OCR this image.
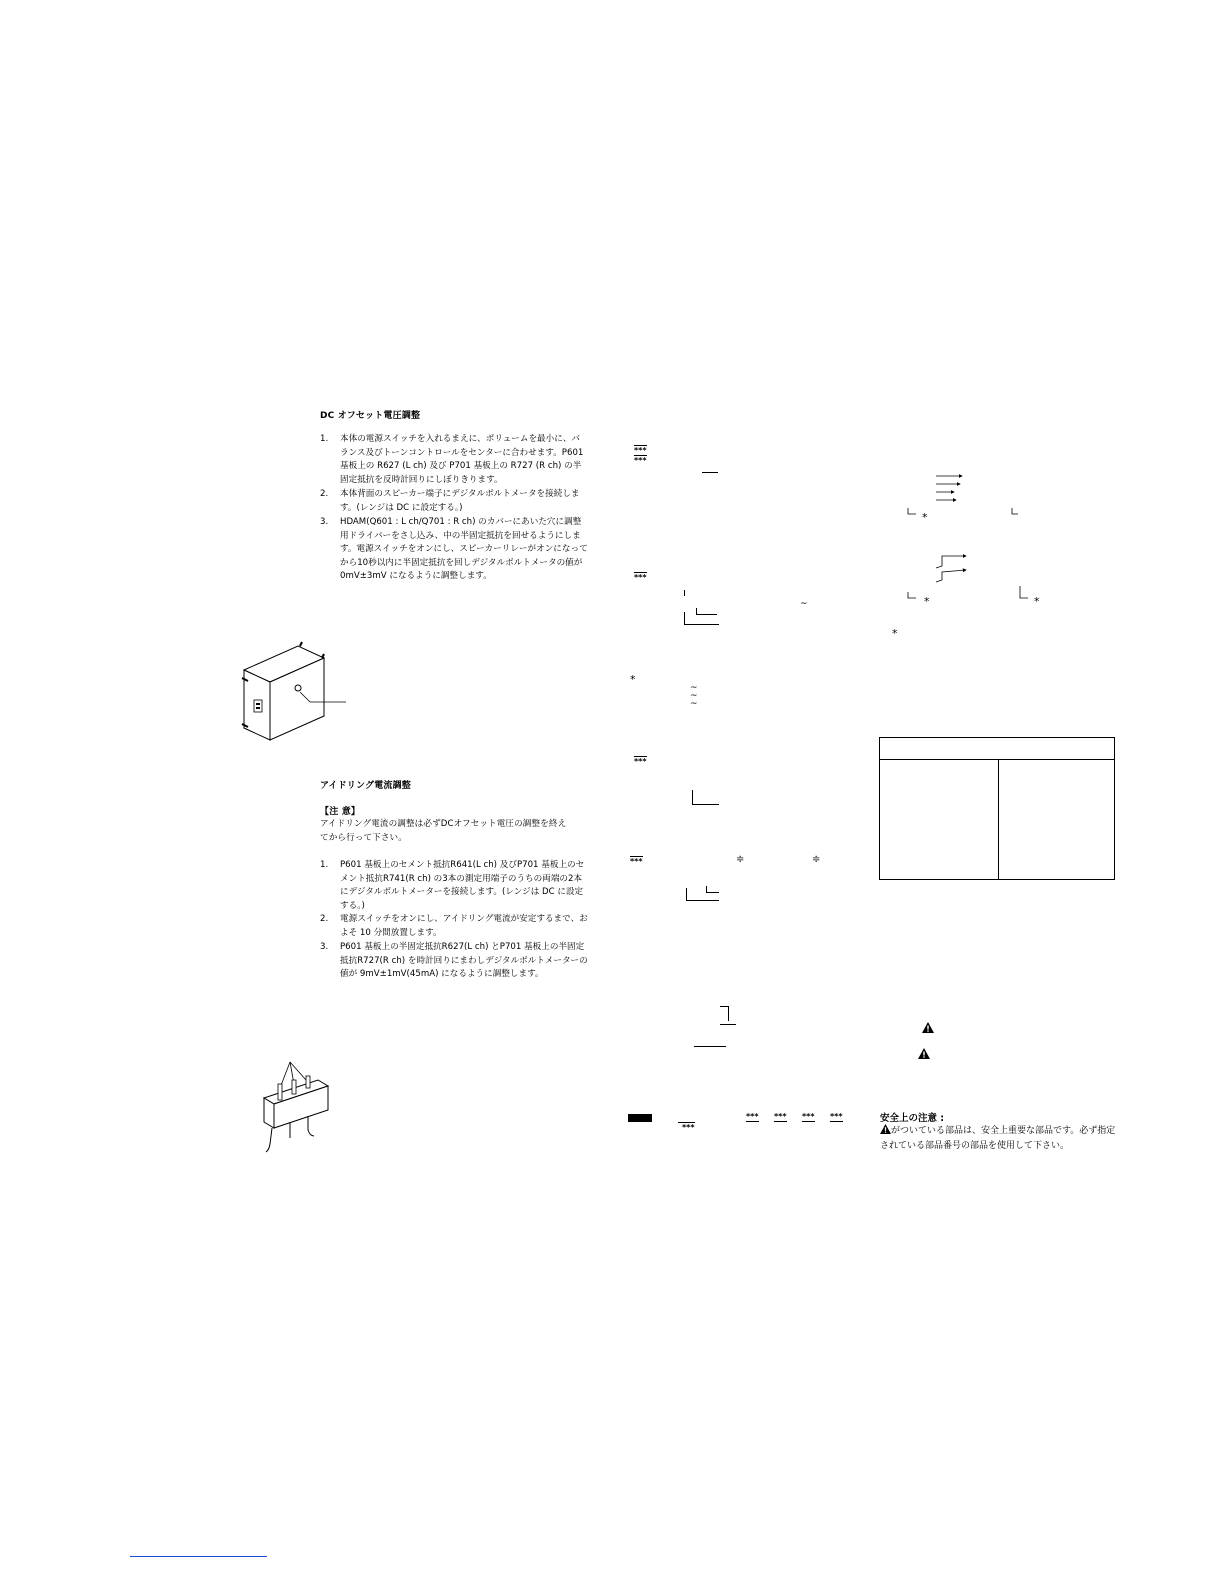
DC オフセット電圧調整
1.	本体の電源スイッチを入れるまえに、ボリュームを最小に、バランス及びトーンコントロールをセンターに合わせます。P601 基板上の R627 (L ch) 及び P701 基板上の R727 (R ch) の半固定抵抗を反時計回りにしぼりきります。
2.	本体背面のスピーカー端子にデジタルボルトメータを接続します。(レンジは DC に設定する。)
3.	HDAM(Q601 : L ch/Q701 : R ch) のカバーにあいた穴に調整用ドライバーをさし込み、中の半固定抵抗を回せるようにします。電源スイッチをオンにし、スピーカーリレーがオンになってから10秒以内に半固定抵抗を回しデジタルボルトメータの値が 0mV±3mV になるように調整します。
アイドリング電流調整
【注 意】
アイドリング電流の調整は必ずDCオフセット電圧の調整を終えてから行って下さい。
1.	P601 基板上のセメント抵抗R641(L ch) 及びP701 基板上のセメント抵抗R741(R ch) の3本の測定用端子のうちの両端の2本にデジタルボルトメーターを接続します。(レンジは DC に設定する。)
2.	電源スイッチをオンにし、アイドリング電流が安定するまで、およそ 10 分間放置します。
3.	P601 基板上の半固定抵抗R627(L ch) とP701 基板上の半固定抵抗R727(R ch) を時計回りにまわしデジタルボルトメーターの値が 9mV±1mV(45mA) になるように調整します。
***
***
***
~
*
~
~
~
***
***	≑	≑
***
*** *** *** ***
*
*	*
*
安全上の注意 :
がついている部品は、安全上重要な部品です。必ず指定されている部品番号の部品を使用して下さい。
